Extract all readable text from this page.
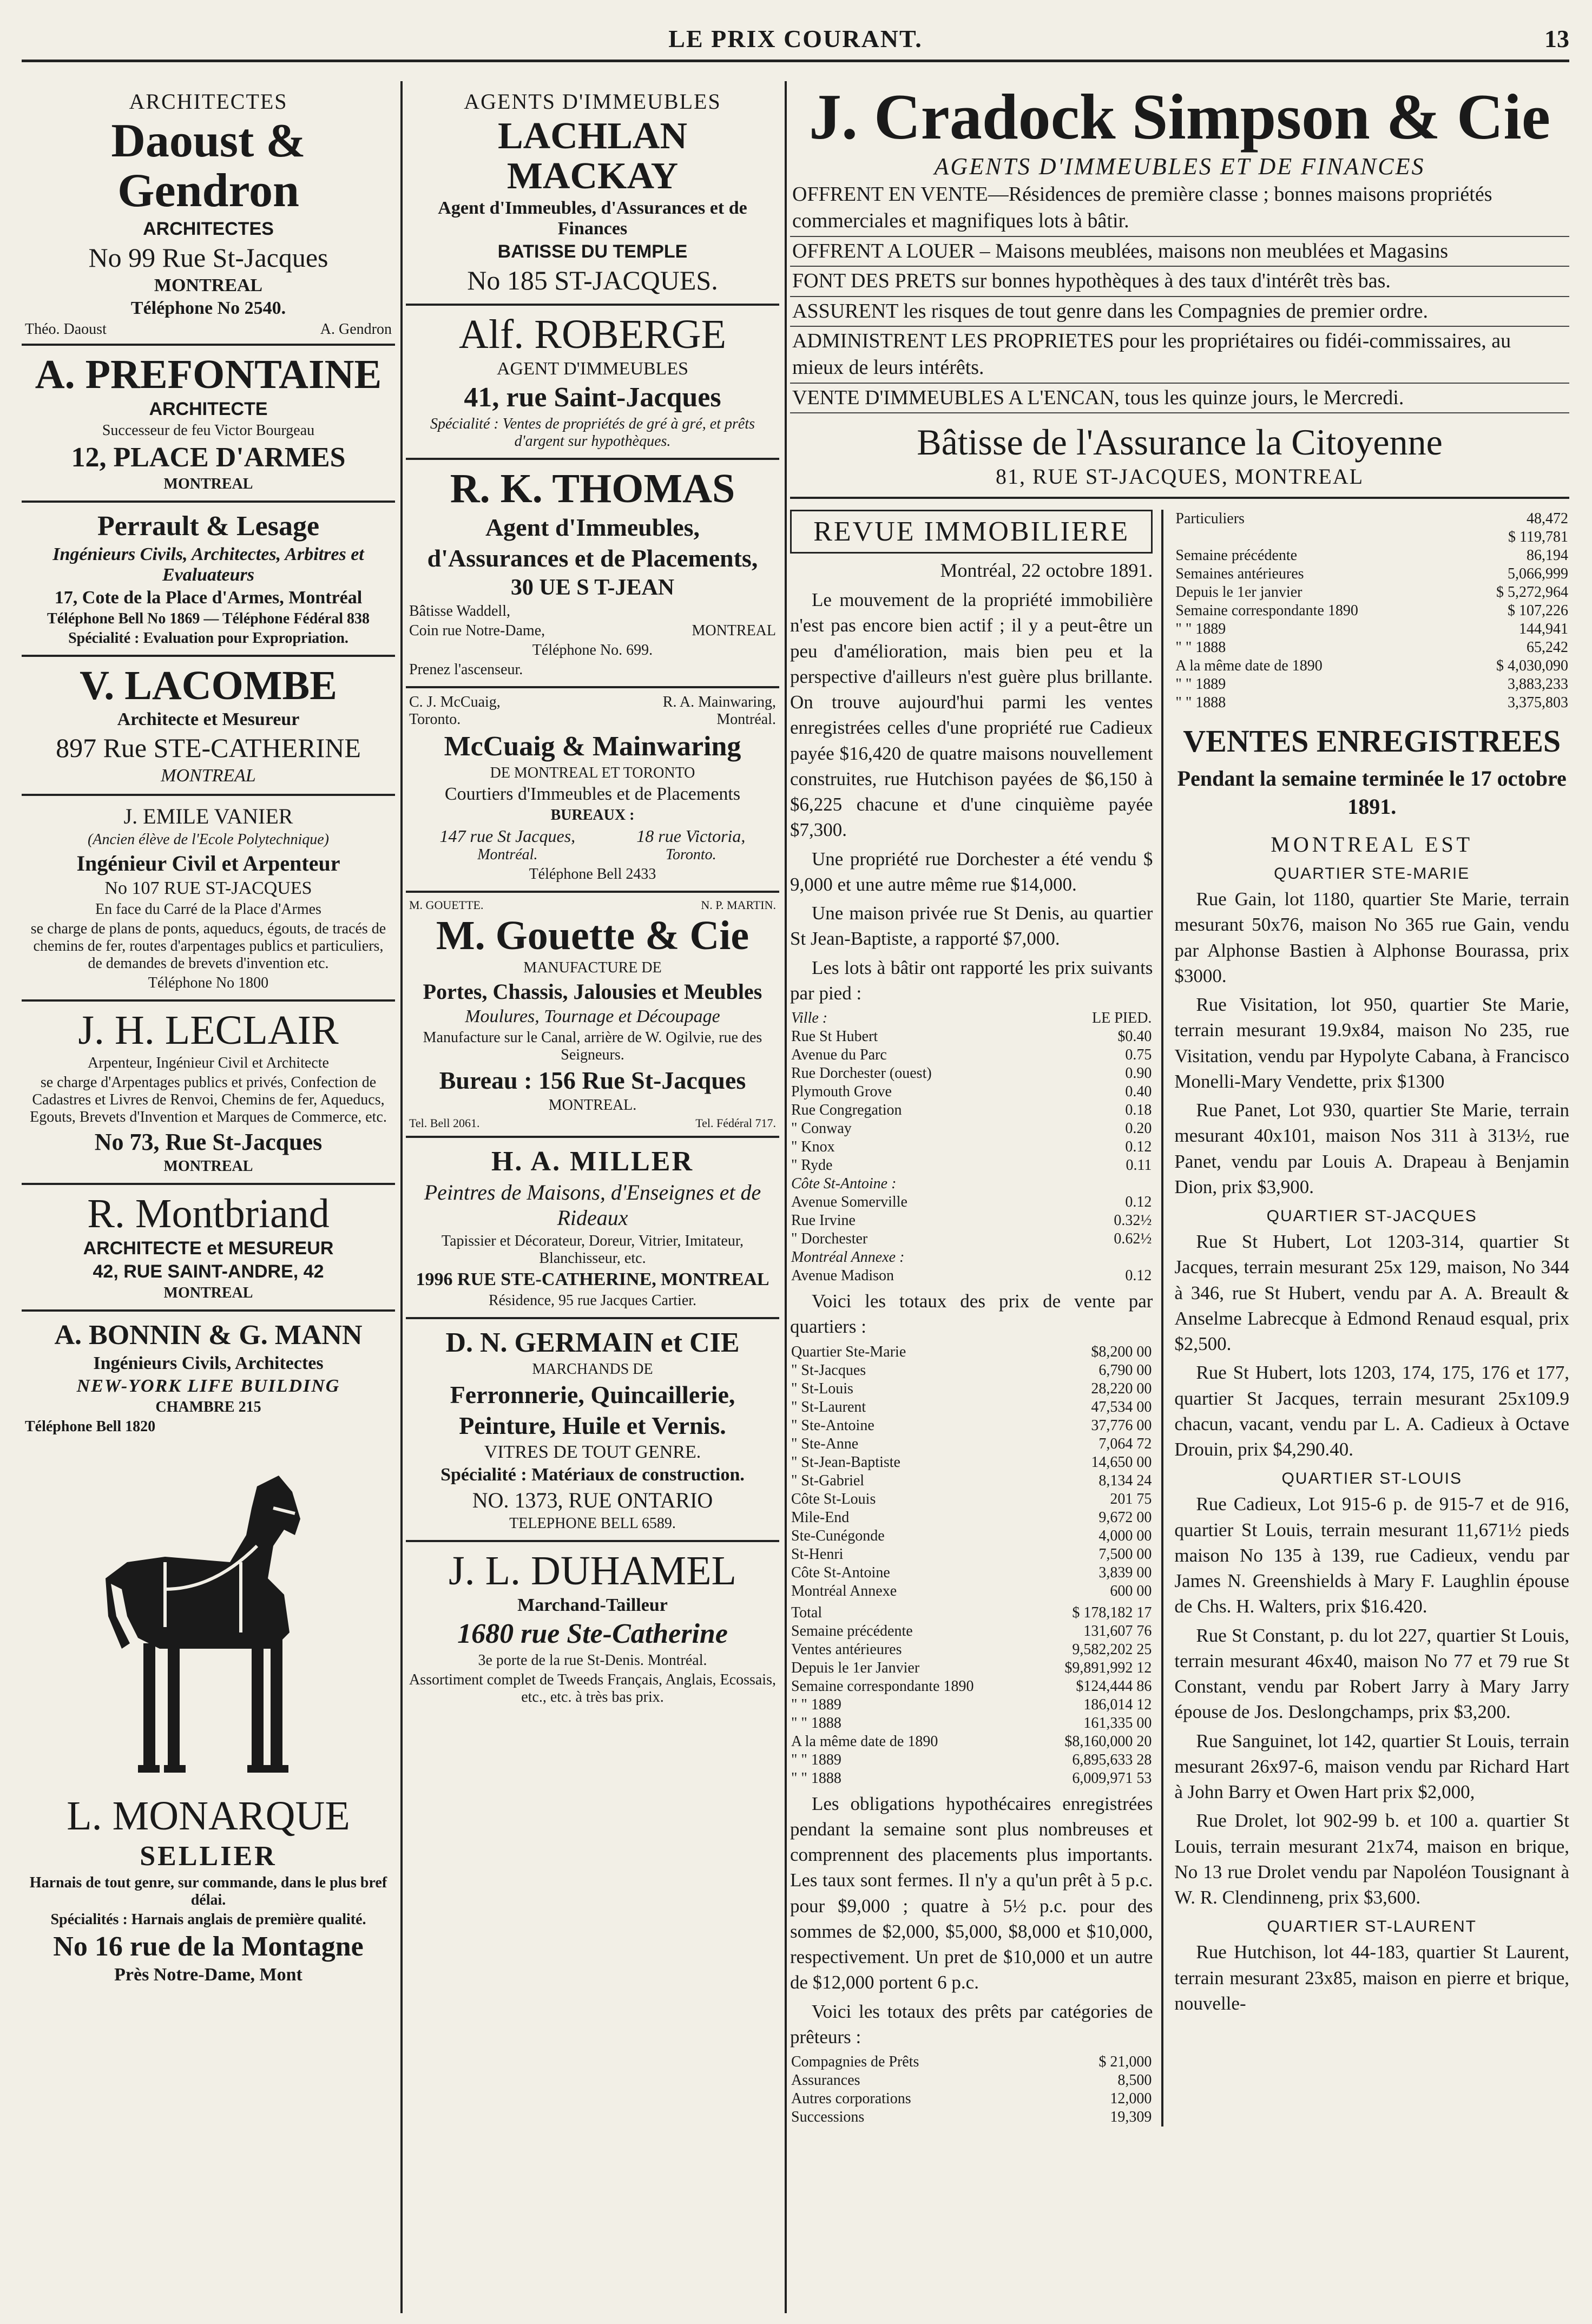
LE PRIX COURANT.	13

ARCHITECTES

Daoust & Gendron

ARCHITECTES

No 99 Rue St-Jacques

MONTREAL

Téléphone No 2540.

Théo. Daoust	A. Gendron

A. PREFONTAINE

ARCHITECTE

Successeur de feu Victor Bourgeau

12, PLACE D'ARMES

MONTREAL

Perrault & Lesage

Ingénieurs Civils, Architectes, Arbitres et Evaluateurs

17, Cote de la Place d'Armes, Montréal

Téléphone Bell No 1869 — Téléphone Fédéral 838

Spécialité : Evaluation pour Expropriation.

V. LACOMBE

Architecte et Mesureur

897 Rue STE-CATHERINE

MONTREAL

J. EMILE VANIER

(Ancien élève de l'Ecole Polytechnique)

Ingénieur Civil et Arpenteur

No 107 RUE ST-JACQUES

En face du Carré de la Place d'Armes

se charge de plans de ponts, aqueducs, égouts, de tracés de chemins de fer, routes d'arpentages publics et particuliers, de demandes de brevets d'invention etc.

Téléphone No 1800

J. H. LECLAIR

Arpenteur, Ingénieur Civil et Architecte

se charge d'Arpentages publics et privés, Confection de Cadastres et Livres de Renvoi, Chemins de fer, Aqueducs, Egouts, Brevets d'Invention et Marques de Commerce, etc.

No 73, Rue St-Jacques

MONTREAL

R. Montbriand

ARCHITECTE et MESUREUR

42, RUE SAINT-ANDRE, 42

MONTREAL

A. BONNIN & G. MANN

Ingénieurs Civils, Architectes

NEW-YORK LIFE BUILDING

CHAMBRE 215

Téléphone Bell 1820

L. MONARQUE

SELLIER

Harnais de tout genre, sur commande, dans le plus bref délai.

Spécialités : Harnais anglais de première qualité.

No 16 rue de la Montagne

Près Notre-Dame, Mont

AGENTS D'IMMEUBLES

LACHLAN MACKAY

Agent d'Immeubles, d'Assurances et de Finances

BATISSE DU TEMPLE

No 185 ST-JACQUES.

Alf. ROBERGE

AGENT D'IMMEUBLES

41, rue Saint-Jacques

Spécialité : Ventes de propriétés de gré à gré, et prêts d'argent sur hypothèques.

R. K. THOMAS

Agent d'Immeubles,

d'Assurances et de Placements,

30 UE S T-JEAN

Bâtisse Waddell,

Coin rue Notre-Dame,	MONTREAL

Téléphone No. 699.

Prenez l'ascenseur.

C. J. McCuaig,	R. A. Mainwaring,
Toronto.	Montréal.

McCuaig & Mainwaring

DE MONTREAL ET TORONTO

Courtiers d'Immeubles et de Placements

BUREAUX :

147 rue St Jacques,
Montréal.
18 rue Victoria,
Toronto.

Téléphone Bell 2433

M. GOUETTE.	N. P. MARTIN.

M. Gouette & Cie

MANUFACTURE DE

Portes, Chassis, Jalousies et Meubles

Moulures, Tournage et Découpage

Manufacture sur le Canal, arrière de W. Ogilvie, rue des Seigneurs.

Bureau : 156 Rue St-Jacques

MONTREAL.

Tel. Bell 2061.	Tel. Fédéral 717.

H. A. MILLER

Peintres de Maisons, d'Enseignes et de Rideaux

Tapissier et Décorateur, Doreur, Vitrier, Imitateur, Blanchisseur, etc.

1996 RUE STE-CATHERINE, MONTREAL

Résidence, 95 rue Jacques Cartier.

D. N. GERMAIN et CIE

MARCHANDS DE

Ferronnerie, Quincaillerie,

Peinture, Huile et Vernis.

VITRES DE TOUT GENRE.

Spécialité : Matériaux de construction.

NO. 1373, RUE ONTARIO

TELEPHONE BELL 6589.

J. L. DUHAMEL

Marchand-Tailleur

1680 rue Ste-Catherine

3e porte de la rue St-Denis. Montréal.

Assortiment complet de Tweeds Français, Anglais, Ecossais, etc., etc. à très bas prix.

J. Cradock Simpson & Cie
AGENTS D'IMMEUBLES ET DE FINANCES
OFFRENT EN VENTE—Résidences de première classe ; bonnes maisons propriétés commerciales et magnifiques lots à bâtir.
OFFRENT A LOUER – Maisons meublées, maisons non meublées et Magasins
FONT DES PRETS sur bonnes hypothèques à des taux d'intérêt très bas.
ASSURENT les risques de tout genre dans les Compagnies de premier ordre.
ADMINISTRENT LES PROPRIETES pour les propriétaires ou fidéi-commissaires, au mieux de leurs intérêts.
VENTE D'IMMEUBLES A L'ENCAN, tous les quinze jours, le Mercredi.
Bâtisse de l'Assurance la Citoyenne
81, RUE ST-JACQUES, MONTREAL
REVUE IMMOBILIERE
Montréal, 22 octobre 1891.

Le mouvement de la propriété immobilière n'est pas encore bien actif ; il y a peut-être un peu d'amélioration, mais bien peu et la perspective d'ailleurs n'est guère plus brillante. On trouve aujourd'hui parmi les ventes enregistrées celles d'une propriété rue Cadieux payée $16,420 de quatre maisons nouvellement construites, rue Hutchison payées de $6,150 à $6,225 chacune et d'une cinquième payée $7,300.

Une propriété rue Dorchester a été vendu $ 9,000 et une autre même rue $14,000.

Une maison privée rue St Denis, au quartier St Jean-Baptiste, a rapporté $7,000.

Les lots à bâtir ont rapporté les prix suivants par pied :

Ville :	LE PIED.
Rue St Hubert	$0.40
Avenue du Parc	0.75
Rue Dorchester (ouest)	0.90
Plymouth Grove	0.40
Rue Congregation	0.18
" Conway	0.20
" Knox	0.12
" Ryde	0.11
Côte St-Antoine :	
Avenue Somerville	0.12
Rue Irvine	0.32½
" Dorchester	0.62½
Montréal Annexe :	
Avenue Madison	0.12

Voici les totaux des prix de vente par quartiers :

Quartier Ste-Marie	$8,200 00
" St-Jacques	6,790 00
" St-Louis	28,220 00
" St-Laurent	47,534 00
" Ste-Antoine	37,776 00
" Ste-Anne	7,064 72
" St-Jean-Baptiste	14,650 00
" St-Gabriel	8,134 24
Côte St-Louis	201 75
Mile-End	9,672 00
Ste-Cunégonde	4,000 00
St-Henri	7,500 00
Côte St-Antoine	3,839 00
Montréal Annexe	600 00
Total	$ 178,182 17
Semaine précédente	131,607 76
Ventes antérieures	9,582,202 25
Depuis le 1er Janvier	$9,891,992 12
Semaine correspondante 1890	$124,444 86
" " 1889	186,014 12
" " 1888	161,335 00
A la même date de 1890	$8,160,000 20
" " 1889	6,895,633 28
" " 1888	6,009,971 53

Les obligations hypothécaires enregistrées pendant la semaine sont plus nombreuses et comprennent des placements plus importants. Les taux sont fermes. Il n'y a qu'un prêt à 5 p.c. pour $9,000 ; quatre à 5½ p.c. pour des sommes de $2,000, $5,000, $8,000 et $10,000, respectivement. Un pret de $10,000 et un autre de $12,000 portent 6 p.c.

Voici les totaux des prêts par catégories de prêteurs :

Compagnies de Prêts	$ 21,000
Assurances	8,500
Autres corporations	12,000
Successions	19,309
Particuliers	48,472
	$ 119,781
Semaine précédente	86,194
Semaines antérieures	5,066,999
Depuis le 1er janvier	$ 5,272,964
Semaine correspondante 1890	$ 107,226
" " 1889	144,941
" " 1888	65,242
A la même date de 1890	$ 4,030,090
" " 1889	3,883,233
" " 1888	3,375,803
VENTES ENREGISTREES
Pendant la semaine terminée le 17 octobre 1891.
MONTREAL EST
QUARTIER STE-MARIE

Rue Gain, lot 1180, quartier Ste Marie, terrain mesurant 50x76, maison No 365 rue Gain, vendu par Alphonse Bastien à Alphonse Bourassa, prix $3000.

Rue Visitation, lot 950, quartier Ste Marie, terrain mesurant 19.9x84, maison No 235, rue Visitation, vendu par Hypolyte Cabana, à Francisco Monelli-Mary Vendette, prix $1300

Rue Panet, Lot 930, quartier Ste Marie, terrain mesurant 40x101, maison Nos 311 à 313½, rue Panet, vendu par Louis A. Drapeau à Benjamin Dion, prix $3,900.

QUARTIER ST-JACQUES

Rue St Hubert, Lot 1203-314, quartier St Jacques, terrain mesurant 25x 129, maison, No 344 à 346, rue St Hubert, vendu par A. A. Breault & Anselme Labrecque à Edmond Renaud esqual, prix $2,500.

Rue St Hubert, lots 1203, 174, 175, 176 et 177, quartier St Jacques, terrain mesurant 25x109.9 chacun, vacant, vendu par L. A. Cadieux à Octave Drouin, prix $4,290.40.

QUARTIER ST-LOUIS

Rue Cadieux, Lot 915-6 p. de 915-7 et de 916, quartier St Louis, terrain mesurant 11,671½ pieds maison No 135 à 139, rue Cadieux, vendu par James N. Greenshields à Mary F. Laughlin épouse de Chs. H. Walters, prix $16.420.

Rue St Constant, p. du lot 227, quartier St Louis, terrain mesurant 46x40, maison No 77 et 79 rue St Constant, vendu par Robert Jarry à Mary Jarry épouse de Jos. Deslongchamps, prix $3,200.

Rue Sanguinet, lot 142, quartier St Louis, terrain mesurant 26x97-6, maison vendu par Richard Hart à John Barry et Owen Hart prix $2,000,

Rue Drolet, lot 902-99 b. et 100 a. quartier St Louis, terrain mesurant 21x74, maison en brique, No 13 rue Drolet vendu par Napoléon Tousignant à W. R. Clendinneng, prix $3,600.

QUARTIER ST-LAURENT

Rue Hutchison, lot 44-183, quartier St Laurent, terrain mesurant 23x85, maison en pierre et brique, nouvelle-
